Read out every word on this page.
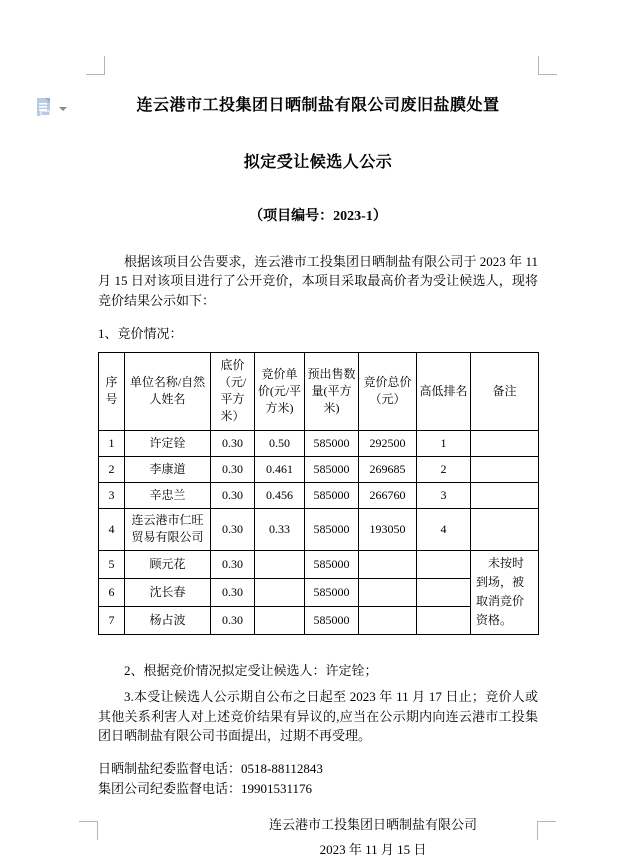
连云港市工投集团日晒制盐有限公司废旧盐膜处置
拟定受让候选人公示
（项目编号：2023-1）

根据该项目公告要求，连云港市工投集团日晒制盐有限公司于 2023 年 11 月 15 日对该项目进行了公开竞价，本项目采取最高价者为受让候选人，现将竞价结果公示如下：

1、竞价情况：

序号	单位名称/自然人姓名	底价（元/平方米）	竞价单价(元/平方米)	预出售数量(平方米)	竞价总价（元）	高低排名	备注
1	许定铨	0.30	0.50	585000	292500	1	
2	李康道	0.30	0.461	585000	269685	2	
3	辛忠兰	0.30	0.456	585000	266760	3	
4	连云港市仁旺贸易有限公司	0.30	0.33	585000	193050	4	
5	顾元花	0.30		585000			未按时到场，被取消竞价资格。
6	沈长春	0.30		585000			
7	杨占波	0.30		585000			

2、根据竞价情况拟定受让候选人：许定铨；

3.本受让候选人公示期自公布之日起至 2023 年 11 月 17 日止；竞价人或其他关系利害人对上述竞价结果有异议的,应当在公示期内向连云港市工投集团日晒制盐有限公司书面提出，过期不再受理。

日晒制盐纪委监督电话：0518-88112843

集团公司纪委监督电话：19901531176

连云港市工投集团日晒制盐有限公司
2023 年 11 月 15 日
